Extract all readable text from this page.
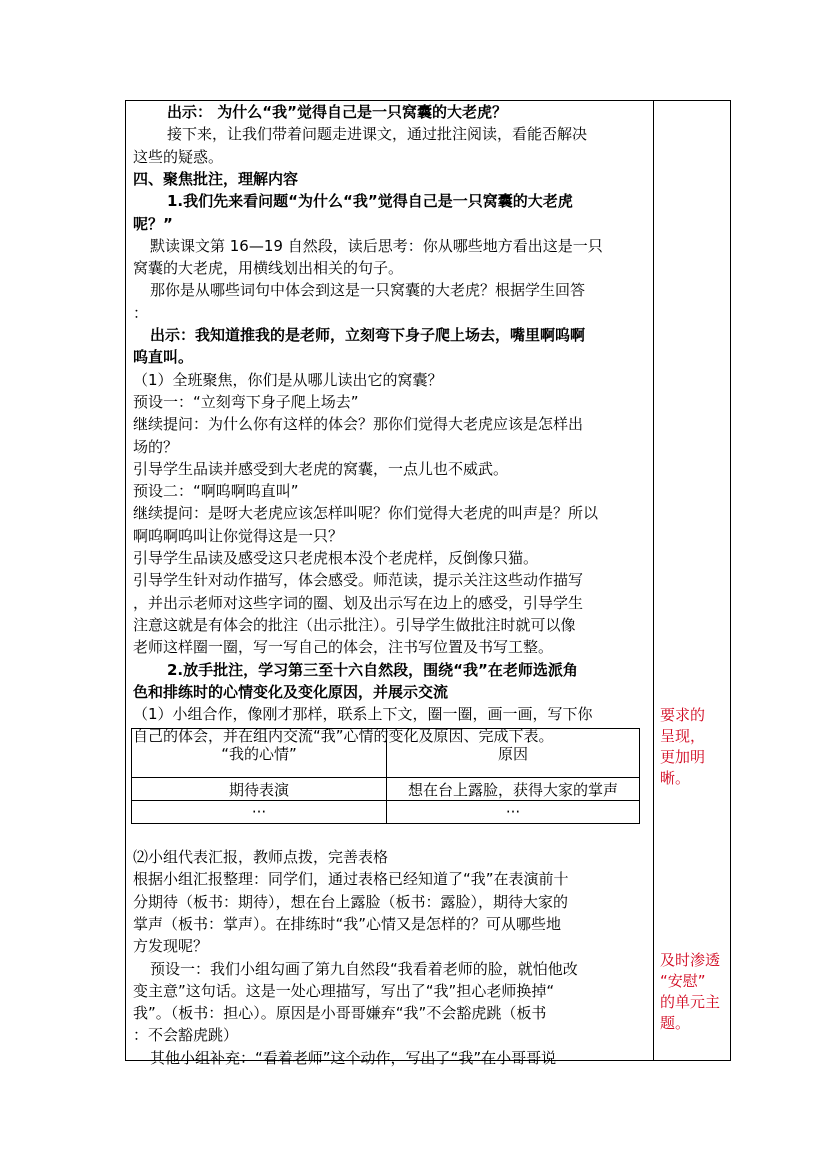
出示： 为什么“我”觉得自己是一只窝囊的大老虎？
接下来，让我们带着问题走进课文，通过批注阅读，看能否解决
这些的疑惑。
四、聚焦批注，理解内容
1.我们先来看问题“为什么“我”觉得自己是一只窝囊的大老虎
呢？”
默读课文第 16—19 自然段，读后思考：你从哪些地方看出这是一只
窝囊的大老虎，用横线划出相关的句子。
那你是从哪些词句中体会到这是一只窝囊的大老虎？根据学生回答
：
出示：我知道推我的是老师，立刻弯下身子爬上场去，嘴里啊呜啊
呜直叫。
（1）全班聚焦，你们是从哪儿读出它的窝囊？
预设一：“立刻弯下身子爬上场去”
继续提问：为什么你有这样的体会？那你们觉得大老虎应该是怎样出
场的？
引导学生品读并感受到大老虎的窝囊，一点儿也不威武。
预设二：“啊呜啊呜直叫”
继续提问：是呀大老虎应该怎样叫呢？你们觉得大老虎的叫声是？所以
啊呜啊呜叫让你觉得这是一只？
引导学生品读及感受这只老虎根本没个老虎样，反倒像只猫。
引导学生针对动作描写，体会感受。师范读，提示关注这些动作描写
，并出示老师对这些字词的圈、划及出示写在边上的感受，引导学生
注意这就是有体会的批注（出示批注）。引导学生做批注时就可以像
老师这样圈一圈，写一写自己的体会，注书写位置及书写工整。
2.放手批注，学习第三至十六自然段，围绕“我”在老师选派角
色和排练时的心情变化及变化原因，并展示交流
（1）小组合作，像刚才那样，联系上下文，圈一圈，画一画，写下你
自己的体会，并在组内交流“我”心情的变化及原因、完成下表。
⑵小组代表汇报，教师点拨，完善表格
根据小组汇报整理：同学们，通过表格已经知道了“我”在表演前十
分期待（板书：期待），想在台上露脸（板书：露脸），期待大家的
掌声（板书：掌声）。在排练时“我”心情又是怎样的？可从哪些地
方发现呢？
预设一：我们小组勾画了第九自然段“我看着老师的脸，就怕他改
变主意”这句话。这是一处心理描写，写出了“我”担心老师换掉“
我”。（板书：担心）。原因是小哥哥嫌弃“我”不会豁虎跳（板书
：不会豁虎跳）
其他小组补充：“看着老师”这个动作，写出了“我”在小哥哥说
“我的心情”	原因
期待表演	想在台上露脸，获得大家的掌声
···	···
要求的
呈现，
更加明
晰。
及时渗透
“安慰”
的单元主
题。
